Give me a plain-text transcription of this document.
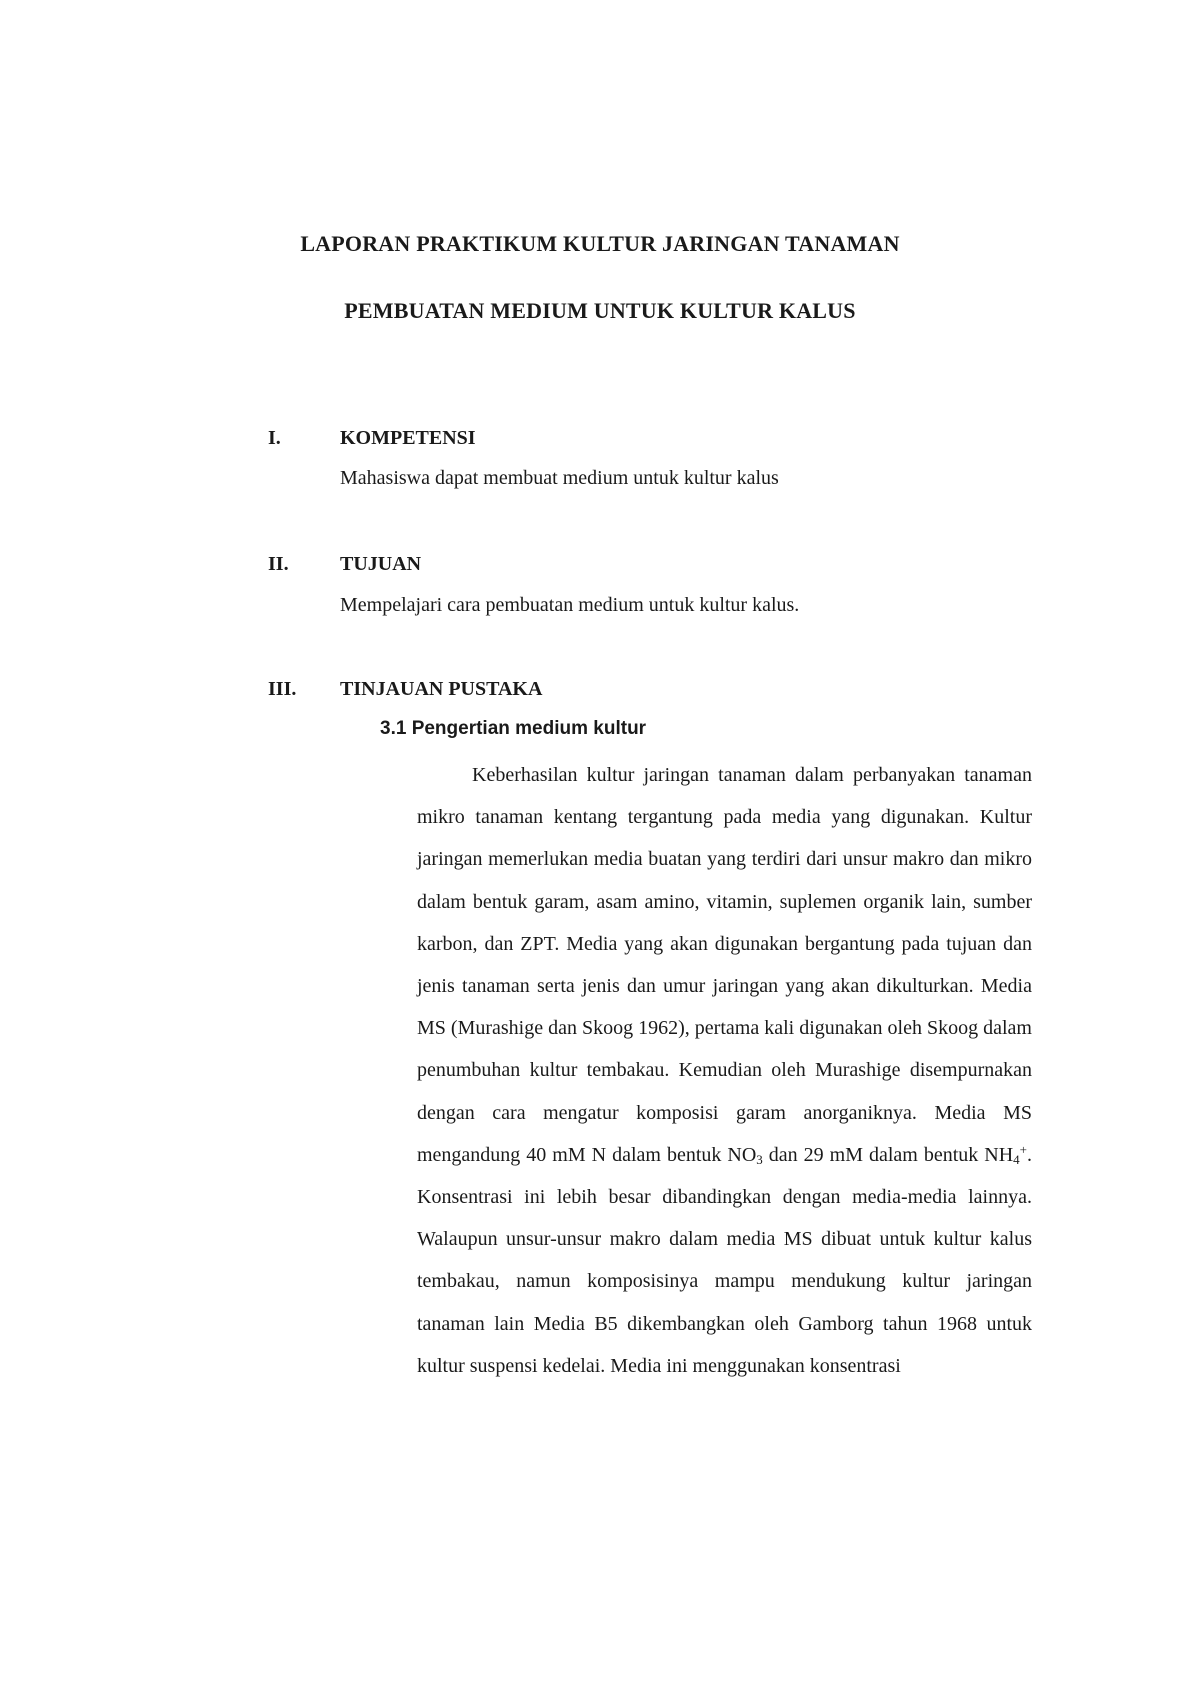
LAPORAN PRAKTIKUM KULTUR JARINGAN TANAMAN
PEMBUATAN MEDIUM UNTUK KULTUR KALUS
I.	KOMPETENSI
Mahasiswa dapat membuat medium untuk kultur kalus
II.	TUJUAN
Mempelajari cara pembuatan medium untuk kultur kalus.
III. TINJAUAN PUSTAKA
3.1 Pengertian medium kultur

Keberhasilan kultur jaringan tanaman dalam perbanyakan tanaman mikro tanaman kentang tergantung pada media yang digunakan. Kultur jaringan memerlukan media buatan yang terdiri dari unsur makro dan mikro dalam bentuk garam, asam amino, vitamin, suplemen organik lain, sumber karbon, dan ZPT. Media yang akan digunakan bergantung pada tujuan dan jenis tanaman serta jenis dan umur jaringan yang akan dikulturkan. Media MS (Murashige dan Skoog 1962), pertama kali digunakan oleh Skoog dalam penumbuhan kultur tembakau. Kemudian oleh Murashige disempurnakan dengan cara mengatur komposisi garam anorganiknya. Media MS mengandung 40 mM N dalam bentuk $NO_3$ dan 29 mM dalam bentuk $NH_4^+$. Konsentrasi ini lebih besar dibandingkan dengan media-media lainnya. Walaupun unsur-unsur makro dalam media MS dibuat untuk kultur kalus tembakau, namun komposisinya mampu mendukung kultur jaringan tanaman lain Media B5 dikembangkan oleh Gamborg tahun 1968 untuk kultur suspensi kedelai. Media ini menggunakan konsentrasi
